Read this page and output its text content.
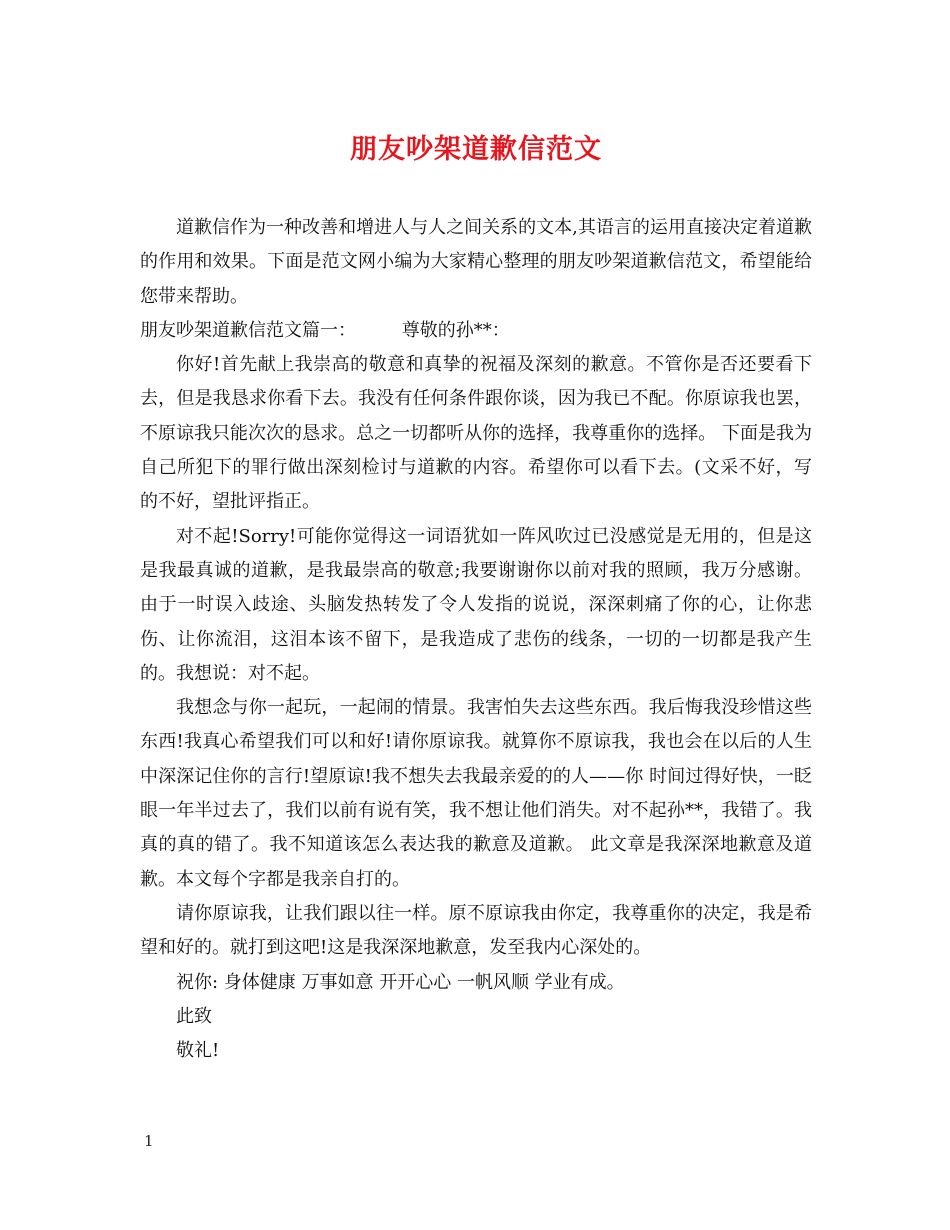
朋友吵架道歉信范文

道歉信作为一种改善和增进人与人之间关系的文本,其语言的运用直接决定着道歉的作用和效果。下面是范文网小编为大家精心整理的朋友吵架道歉信范文，希望能给您带来帮助。

朋友吵架道歉信范文篇一：        尊敬的孙**：

你好!首先献上我崇高的敬意和真挚的祝福及深刻的歉意。不管你是否还要看下去，但是我恳求你看下去。我没有任何条件跟你谈，因为我已不配。你原谅我也罢，不原谅我只能次次的恳求。总之一切都听从你的选择，我尊重你的选择。 下面是我为自己所犯下的罪行做出深刻检讨与道歉的内容。希望你可以看下去。(文采不好，写的不好，望批评指正。

对不起!Sorry!可能你觉得这一词语犹如一阵风吹过已没感觉是无用的，但是这是我最真诚的道歉，是我最崇高的敬意;我要谢谢你以前对我的照顾，我万分感谢。由于一时误入歧途、头脑发热转发了令人发指的说说，深深刺痛了你的心，让你悲伤、让你流泪，这泪本该不留下，是我造成了悲伤的线条，一切的一切都是我产生的。我想说：对不起。

我想念与你一起玩，一起闹的情景。我害怕失去这些东西。我后悔我没珍惜这些东西!我真心希望我们可以和好!请你原谅我。就算你不原谅我，我也会在以后的人生中深深记住你的言行!望原谅!我不想失去我最亲爱的的人——你 时间过得好快，一眨眼一年半过去了，我们以前有说有笑，我不想让他们消失。对不起孙**，我错了。我真的真的错了。我不知道该怎么表达我的歉意及道歉。 此文章是我深深地歉意及道歉。本文每个字都是我亲自打的。

请你原谅我，让我们跟以往一样。原不原谅我由你定，我尊重你的决定，我是希望和好的。就打到这吧!这是我深深地歉意，发至我内心深处的。

祝你: 身体健康 万事如意 开开心心 一帆风顺 学业有成。

此致

敬礼!

1
